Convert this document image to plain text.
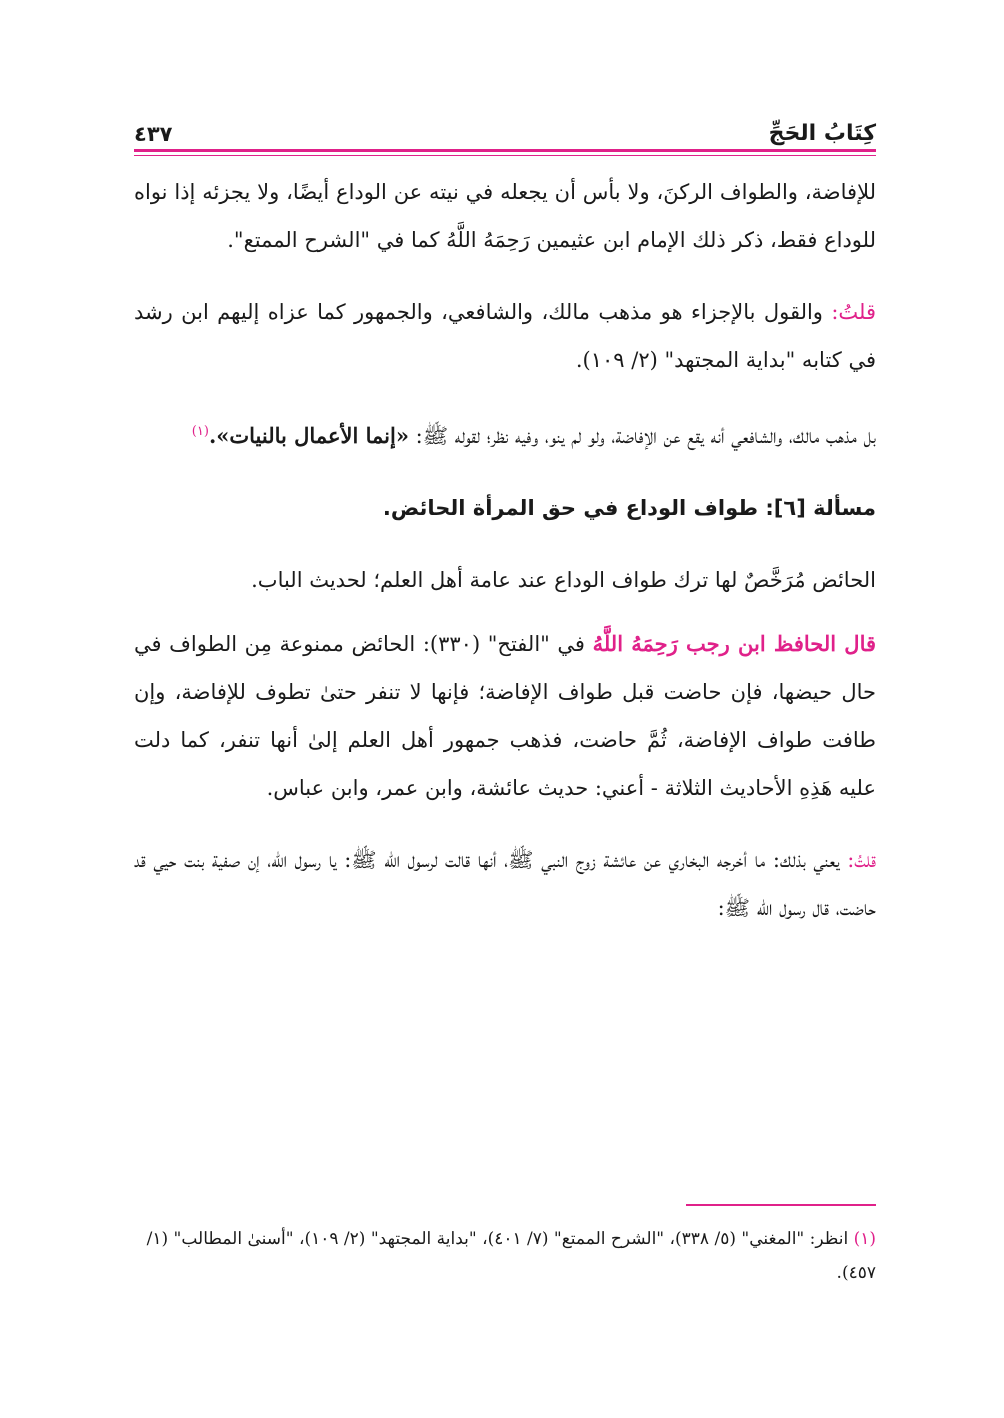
٤٣٧	كِتَابُ الحَجِّ

للإفاضة، والطواف الركنَ، ولا بأس أن يجعله في نيته عن الوداع أيضًا، ولا يجزئه إذا نواه للوداع فقط، ذكر ذلك الإمام ابن عثيمين رَحِمَهُ اللَّهُ كما في "الشرح الممتع".

قلتُ: والقول بالإجزاء هو مذهب مالك، والشافعي، والجمهور كما عزاه إليهم ابن رشد في كتابه "بداية المجتهد" (٢/ ١٠٩).

بل مذهب مالك، والشافعي أنه يقع عن الإفاضة، ولو لم ينو، وفيه نظر؛ لقوله ﷺ: «إنما الأعمال بالنيات».$^{(١)}$

مسألة [٦]: طواف الوداع في حق المرأة الحائض.

الحائض مُرَخَّصٌ لها ترك طواف الوداع عند عامة أهل العلم؛ لحديث الباب.

قال الحافظ ابن رجب رَحِمَهُ اللَّهُ في "الفتح" (٣٣٠): الحائض ممنوعة مِن الطواف في حال حيضها، فإن حاضت قبل طواف الإفاضة؛ فإنها لا تنفر حتىٰ تطوف للإفاضة، وإن طافت طواف الإفاضة، ثُمَّ حاضت، فذهب جمهور أهل العلم إلىٰ أنها تنفر، كما دلت عليه هَذِهِ الأحاديث الثلاثة - أعني: حديث عائشة، وابن عمر، وابن عباس.

قلتُ: يعني بذلك: ما أخرجه البخاري عن عائشة زوج النبي ﷺ، أنها قالت لرسول الله ﷺ: يا رسول الله، إن صفية بنت حيي قد حاضت، قال رسول الله ﷺ:

(١) انظر: "المغني" (٥/ ٣٣٨)، "الشرح الممتع" (٧/ ٤٠١)، "بداية المجتهد" (٢/ ١٠٩)، "أسنىٰ المطالب" (١/ ٤٥٧).
